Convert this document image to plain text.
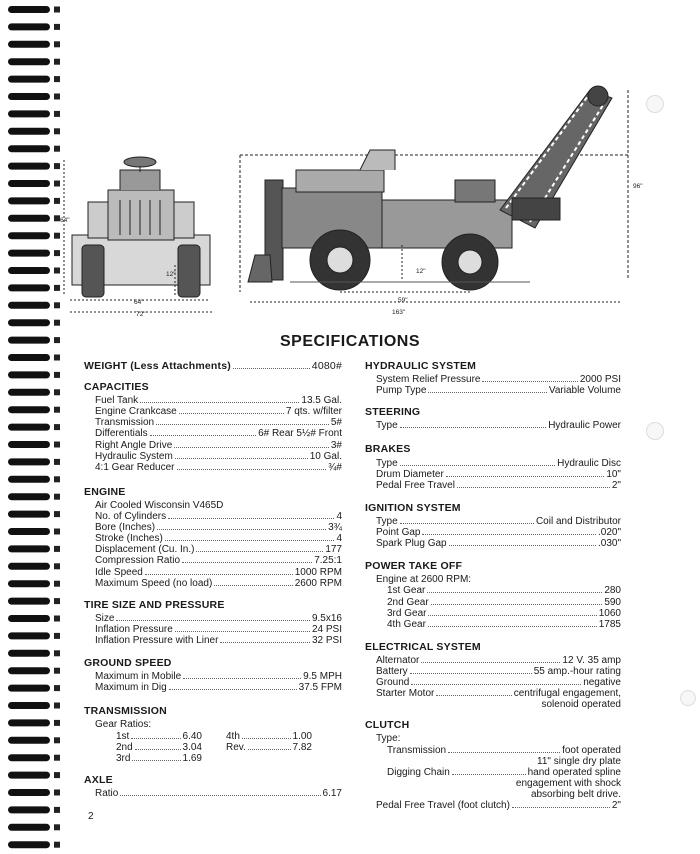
64"
12"
64"
72"
12"
59"
163"
96"
SPECIFICATIONS
WEIGHT (Less Attachments)	4080#
CAPACITIES
Fuel Tank	13.5 Gal.
Engine Crankcase	7 qts. w/filter
Transmission	5#
Differentials	6# Rear 5½# Front
Right Angle Drive	3#
Hydraulic System	10 Gal.
4:1 Gear Reducer	¾#
ENGINE
Air Cooled Wisconsin V465D
No. of Cylinders	4
Bore (Inches)	3¾
Stroke (Inches)	4
Displacement (Cu. In.)	177
Compression Ratio	7.25:1
Idle Speed	1000 RPM
Maximum Speed (no load)	2600 RPM
TIRE SIZE AND PRESSURE
Size	9.5x16
Inflation Pressure	24 PSI
Inflation Pressure with Liner	32 PSI
GROUND SPEED
Maximum in Mobile	9.5 MPH
Maximum in Dig	37.5 FPM
TRANSMISSION
Gear Ratios:
1st	6.40 4th	1.00
2nd	3.04 Rev.	7.82
3rd	1.69
AXLE
Ratio	6.17
HYDRAULIC SYSTEM
System Relief Pressure	2000 PSI
Pump Type	Variable Volume
STEERING
Type	Hydraulic Power
BRAKES
Type	Hydraulic Disc
Drum Diameter	10"
Pedal Free Travel	2"
IGNITION SYSTEM
Type	Coil and Distributor
Point Gap	.020"
Spark Plug Gap	.030"
POWER TAKE OFF
Engine at 2600 RPM:
1st Gear	280
2nd Gear	590
3rd Gear	1060
4th Gear	1785
ELECTRICAL SYSTEM
Alternator	12 V. 35 amp
Battery	55 amp.-hour rating
Ground	negative
Starter Motor	centrifugal engagement,
solenoid operated
CLUTCH
Type:
Transmission	foot operated
11" single dry plate
Digging Chain	hand operated spline
engagement with shock
absorbing belt drive.
Pedal Free Travel (foot clutch)	2"
2
